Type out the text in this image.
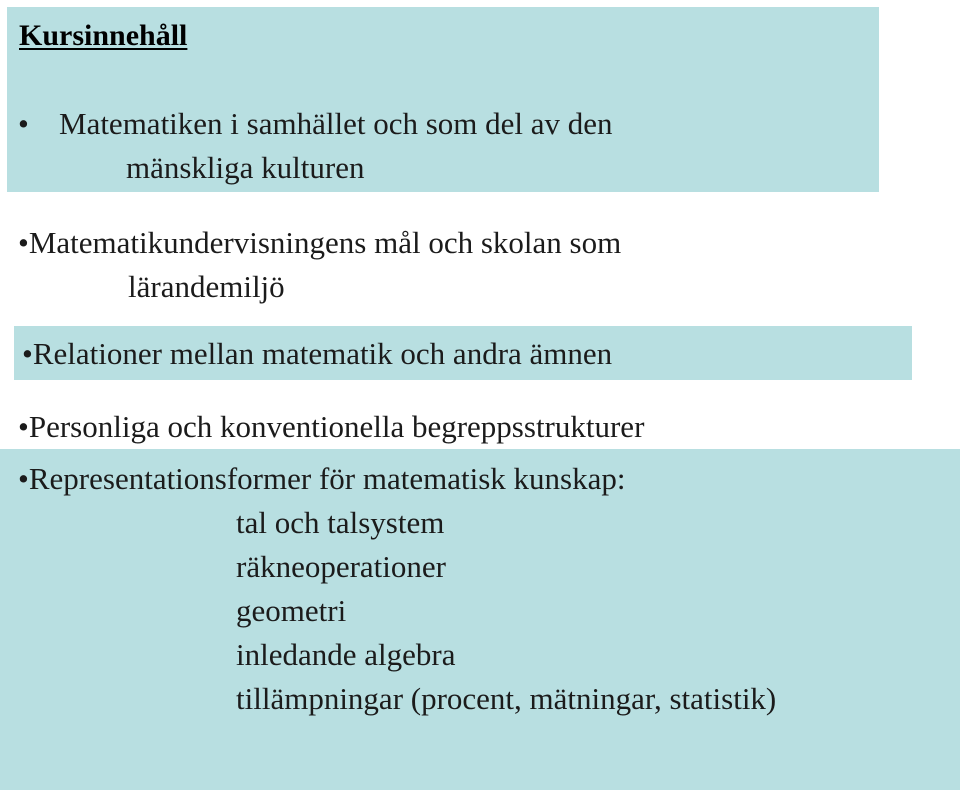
Kursinnehåll
• Matematiken i samhället och som del av den
mänskliga kulturen
•Matematikundervisningens mål och skolan som
lärandemiljö
•Relationer mellan matematik och andra ämnen
•Personliga och konventionella begreppsstrukturer
•Representationsformer för matematisk kunskap:
tal och talsystem
räkneoperationer
geometri
inledande algebra
tillämpningar (procent, mätningar, statistik)
